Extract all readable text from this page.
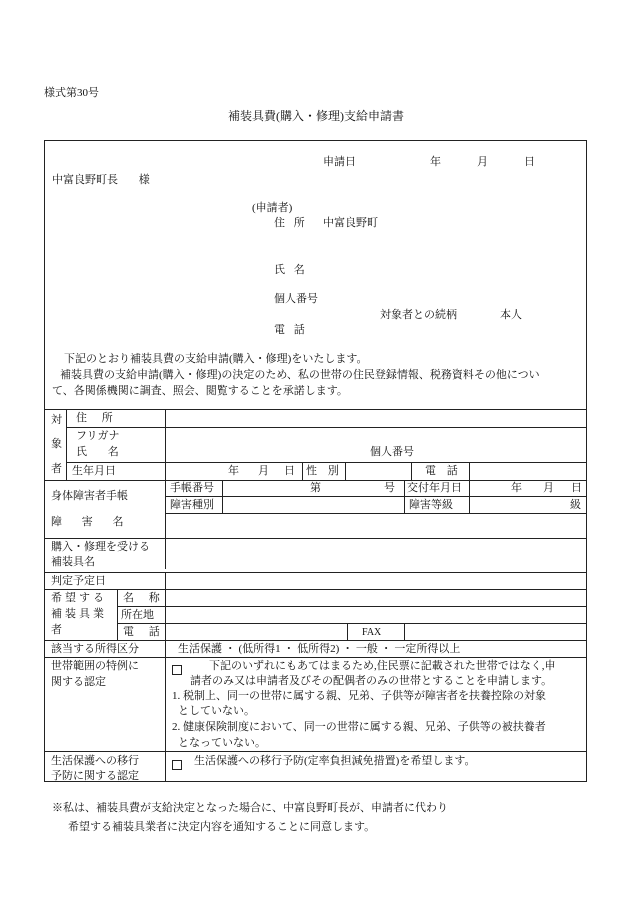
様式第30号
補装具費(購入・修理)支給申請書
申請日	年	月	日
中富良野町長 様
(申請者)
住 所 中富良野町
氏 名
個人番号
対象者との続柄	本人
電 話
下記のとおり補装具費の支給申請(購入・修理)をいたします。
補装具費の支給申請(購入・修理)の決定のため、私の世帯の住民登録情報、税務資料その他につい
て、各関係機関に調査、照会、閲覧することを承諾します。
対
象
者
住 所
フリガナ
氏 名	個人番号
生年月日	年 月 日 性 別	電 話
身体障害者手帳
障 害 名
手帳番号	第	号 交付年月日	年 月 日
障害種別	障害等級	級
購入・修理を受ける
補装具名
判定予定日
希望する
補装具業
者
名 称
所在地
電 話	FAX
該当する所得区分	生活保護 ・ (低所得1 ・ 低所得2) ・ 一般 ・ 一定所得以上
世帯範囲の特例に
関する認定
下記のいずれにもあてはまるため,住民票に記載された世帯ではなく,申
請者のみ又は申請者及びその配偶者のみの世帯とすることを申請します。
1. 税制上、同一の世帯に属する親、兄弟、子供等が障害者を扶養控除の対象
としていない。
2. 健康保険制度において、同一の世帯に属する親、兄弟、子供等の被扶養者
となっていない。
生活保護への移行
予防に関する認定
生活保護への移行予防(定率負担減免措置)を希望します。
※私は、補装具費が支給決定となった場合に、中富良野町長が、申請者に代わり
希望する補装具業者に決定内容を通知することに同意します。
